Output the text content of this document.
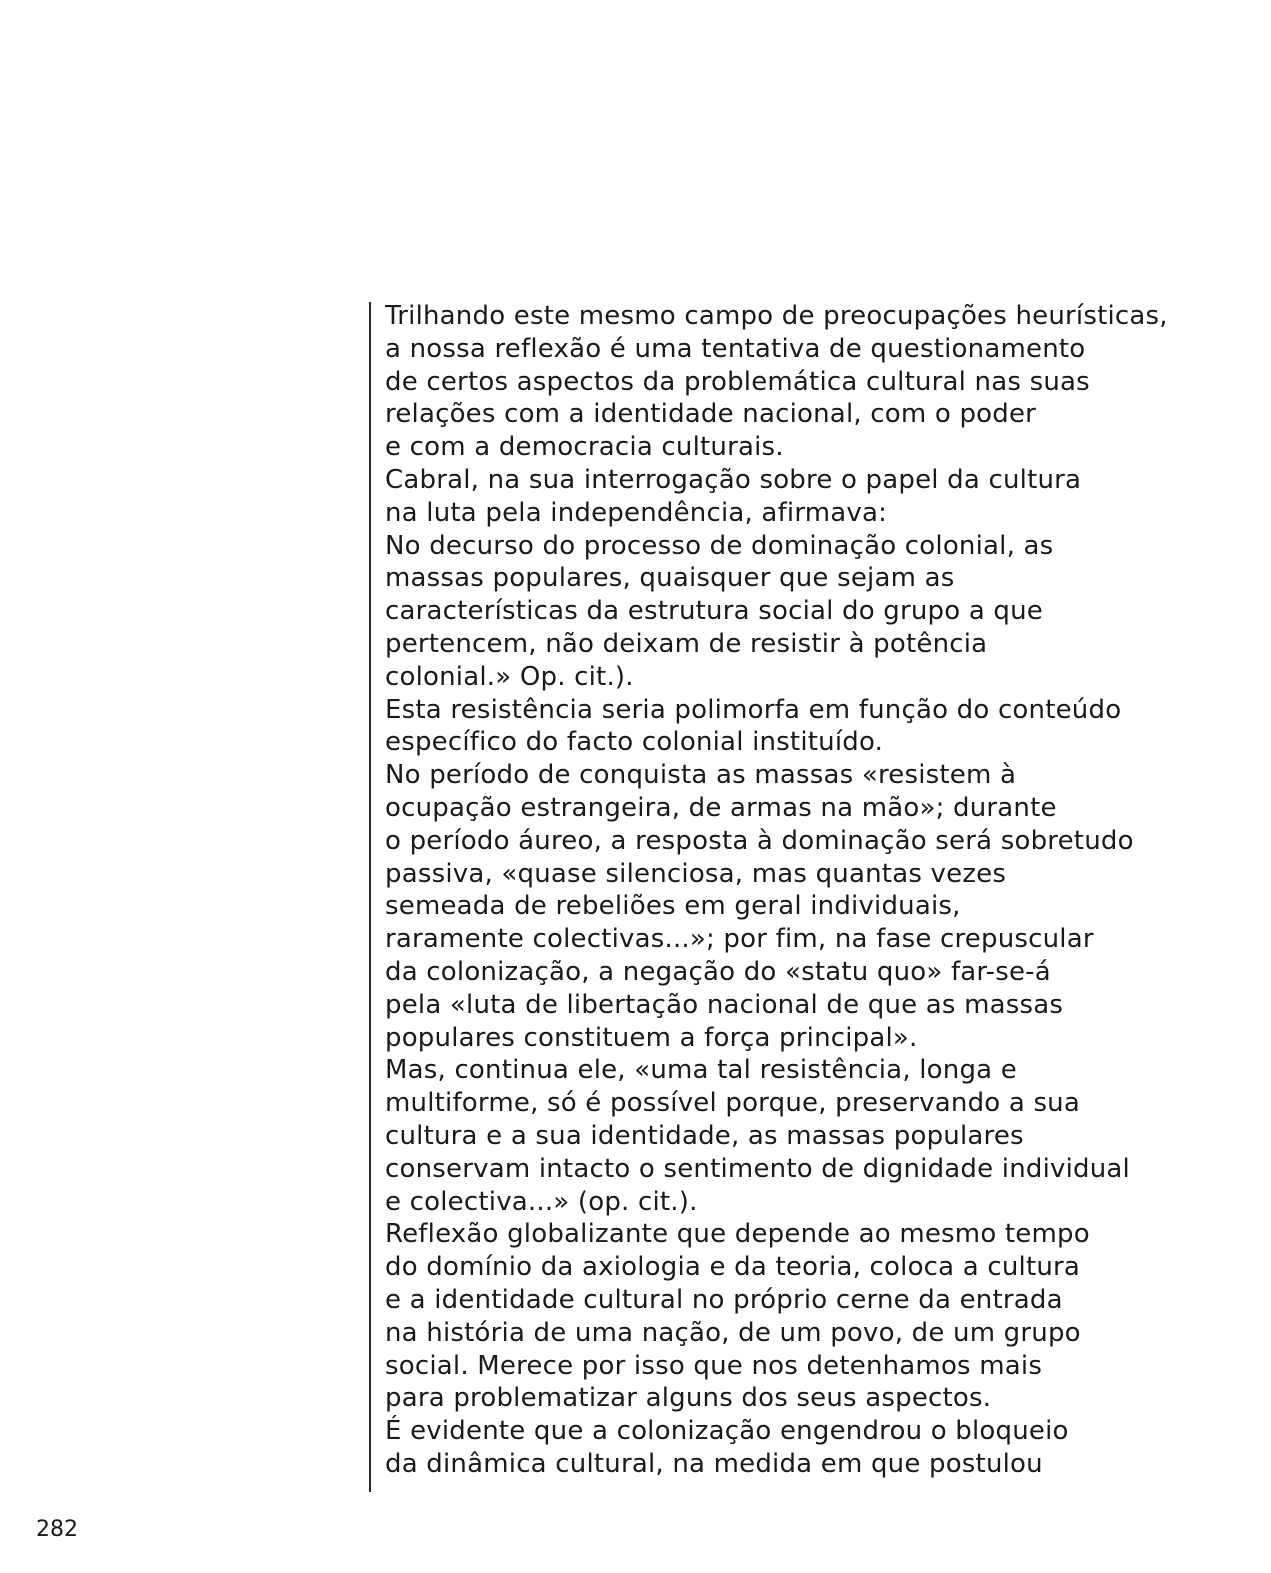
Trilhando este mesmo campo de preocupações heurísticas,
a nossa reflexão é uma tentativa de questionamento
de certos aspectos da problemática cultural nas suas
relações com a identidade nacional, com o poder
e com a democracia culturais.
Cabral, na sua interrogação sobre o papel da cultura
na luta pela independência, afirmava:
No decurso do processo de dominação colonial, as
massas populares, quaisquer que sejam as
características da estrutura social do grupo a que
pertencem, não deixam de resistir à potência
colonial.» Op. cit.).
Esta resistência seria polimorfa em função do conteúdo
específico do facto colonial instituído.
No período de conquista as massas «resistem à
ocupação estrangeira, de armas na mão»; durante
o período áureo, a resposta à dominação será sobretudo
passiva, «quase silenciosa, mas quantas vezes
semeada de rebeliões em geral individuais,
raramente colectivas...»; por fim, na fase crepuscular
da colonização, a negação do «statu quo» far-se-á
pela «luta de libertação nacional de que as massas
populares constituem a força principal».
Mas, continua ele, «uma tal resistência, longa e
multiforme, só é possível porque, preservando a sua
cultura e a sua identidade, as massas populares
conservam intacto o sentimento de dignidade individual
e colectiva...» (op. cit.).
Reflexão globalizante que depende ao mesmo tempo
do domínio da axiologia e da teoria, coloca a cultura
e a identidade cultural no próprio cerne da entrada
na história de uma nação, de um povo, de um grupo
social. Merece por isso que nos detenhamos mais
para problematizar alguns dos seus aspectos.
É evidente que a colonização engendrou o bloqueio
da dinâmica cultural, na medida em que postulou
282
